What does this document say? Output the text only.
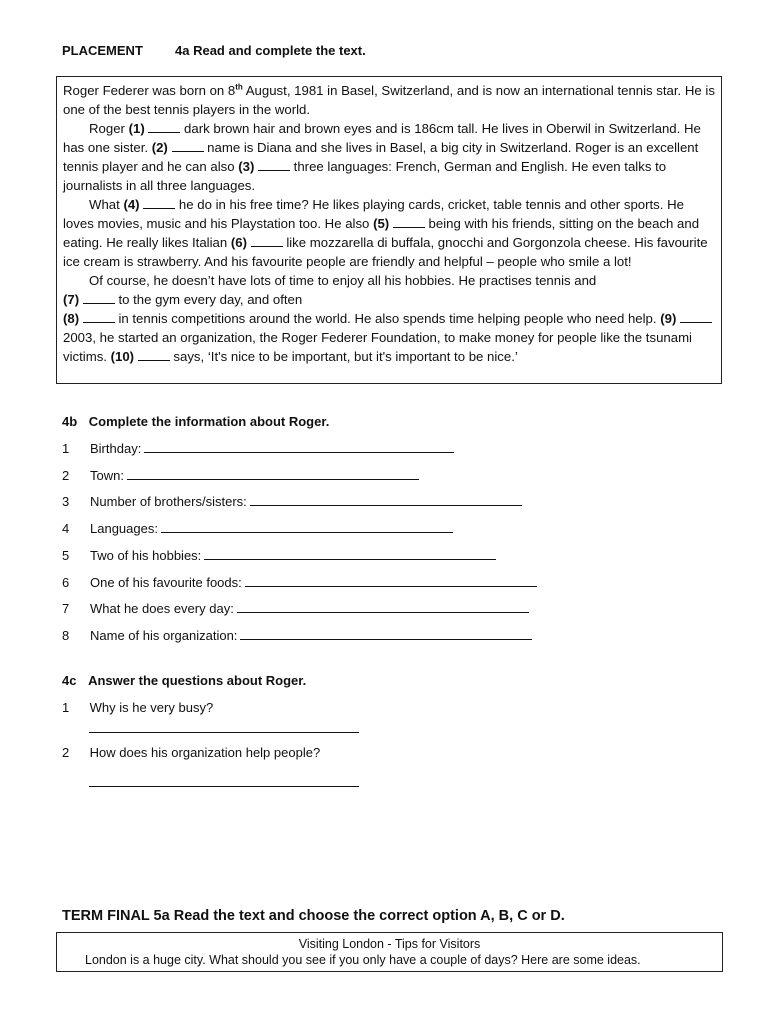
PLACEMENT 4a Read and complete the text.

Roger Federer was born on 8th August, 1981 in Basel, Switzerland, and is now an international tennis star. He is one of the best tennis players in the world.

Roger (1)	dark brown hair and brown eyes and is 186cm tall. He lives in Oberwil in Switzerland. He has one sister. (2)	name is Diana and she lives in Basel, a big city in Switzerland. Roger is an excellent tennis player and he can also (3)	three languages: French, German and English. He even talks to journalists in all three languages.

What (4)	he do in his free time? He likes playing cards, cricket, table tennis and other sports. He loves movies, music and his Playstation too. He also (5)	being with his friends, sitting on the beach and eating. He really likes Italian (6)	like mozzarella di buffala, gnocchi and Gorgonzola cheese. His favourite ice cream is strawberry. And his favourite people are friendly and helpful – people who smile a lot!

Of course, he doesn’t have lots of time to enjoy all his hobbies. He practises tennis and

(7)	to the gym every day, and often

(8)	in tennis competitions around the world. He also spends time helping people who need help. (9)  2003, he started an organization, the Roger Federer Foundation, to make money for people like the tsunami victims. (10)	says, ‘It's nice to be important, but it's important to be nice.’

4b Complete the information about Roger.
1 Birthday:
2 Town:
3 Number of brothers/sisters:
4 Languages:
5 Two of his hobbies:
6 One of his favourite foods:
7 What he does every day:
8 Name of his organization:
4c Answer the questions about Roger.
1 Why is he very busy?
2 How does his organization help people?
TERM FINAL 5a Read the text and choose the correct option A, B, C or D.
Visiting London - Tips for Visitors
London is a huge city. What should you see if you only have a couple of days? Here are some ideas.
